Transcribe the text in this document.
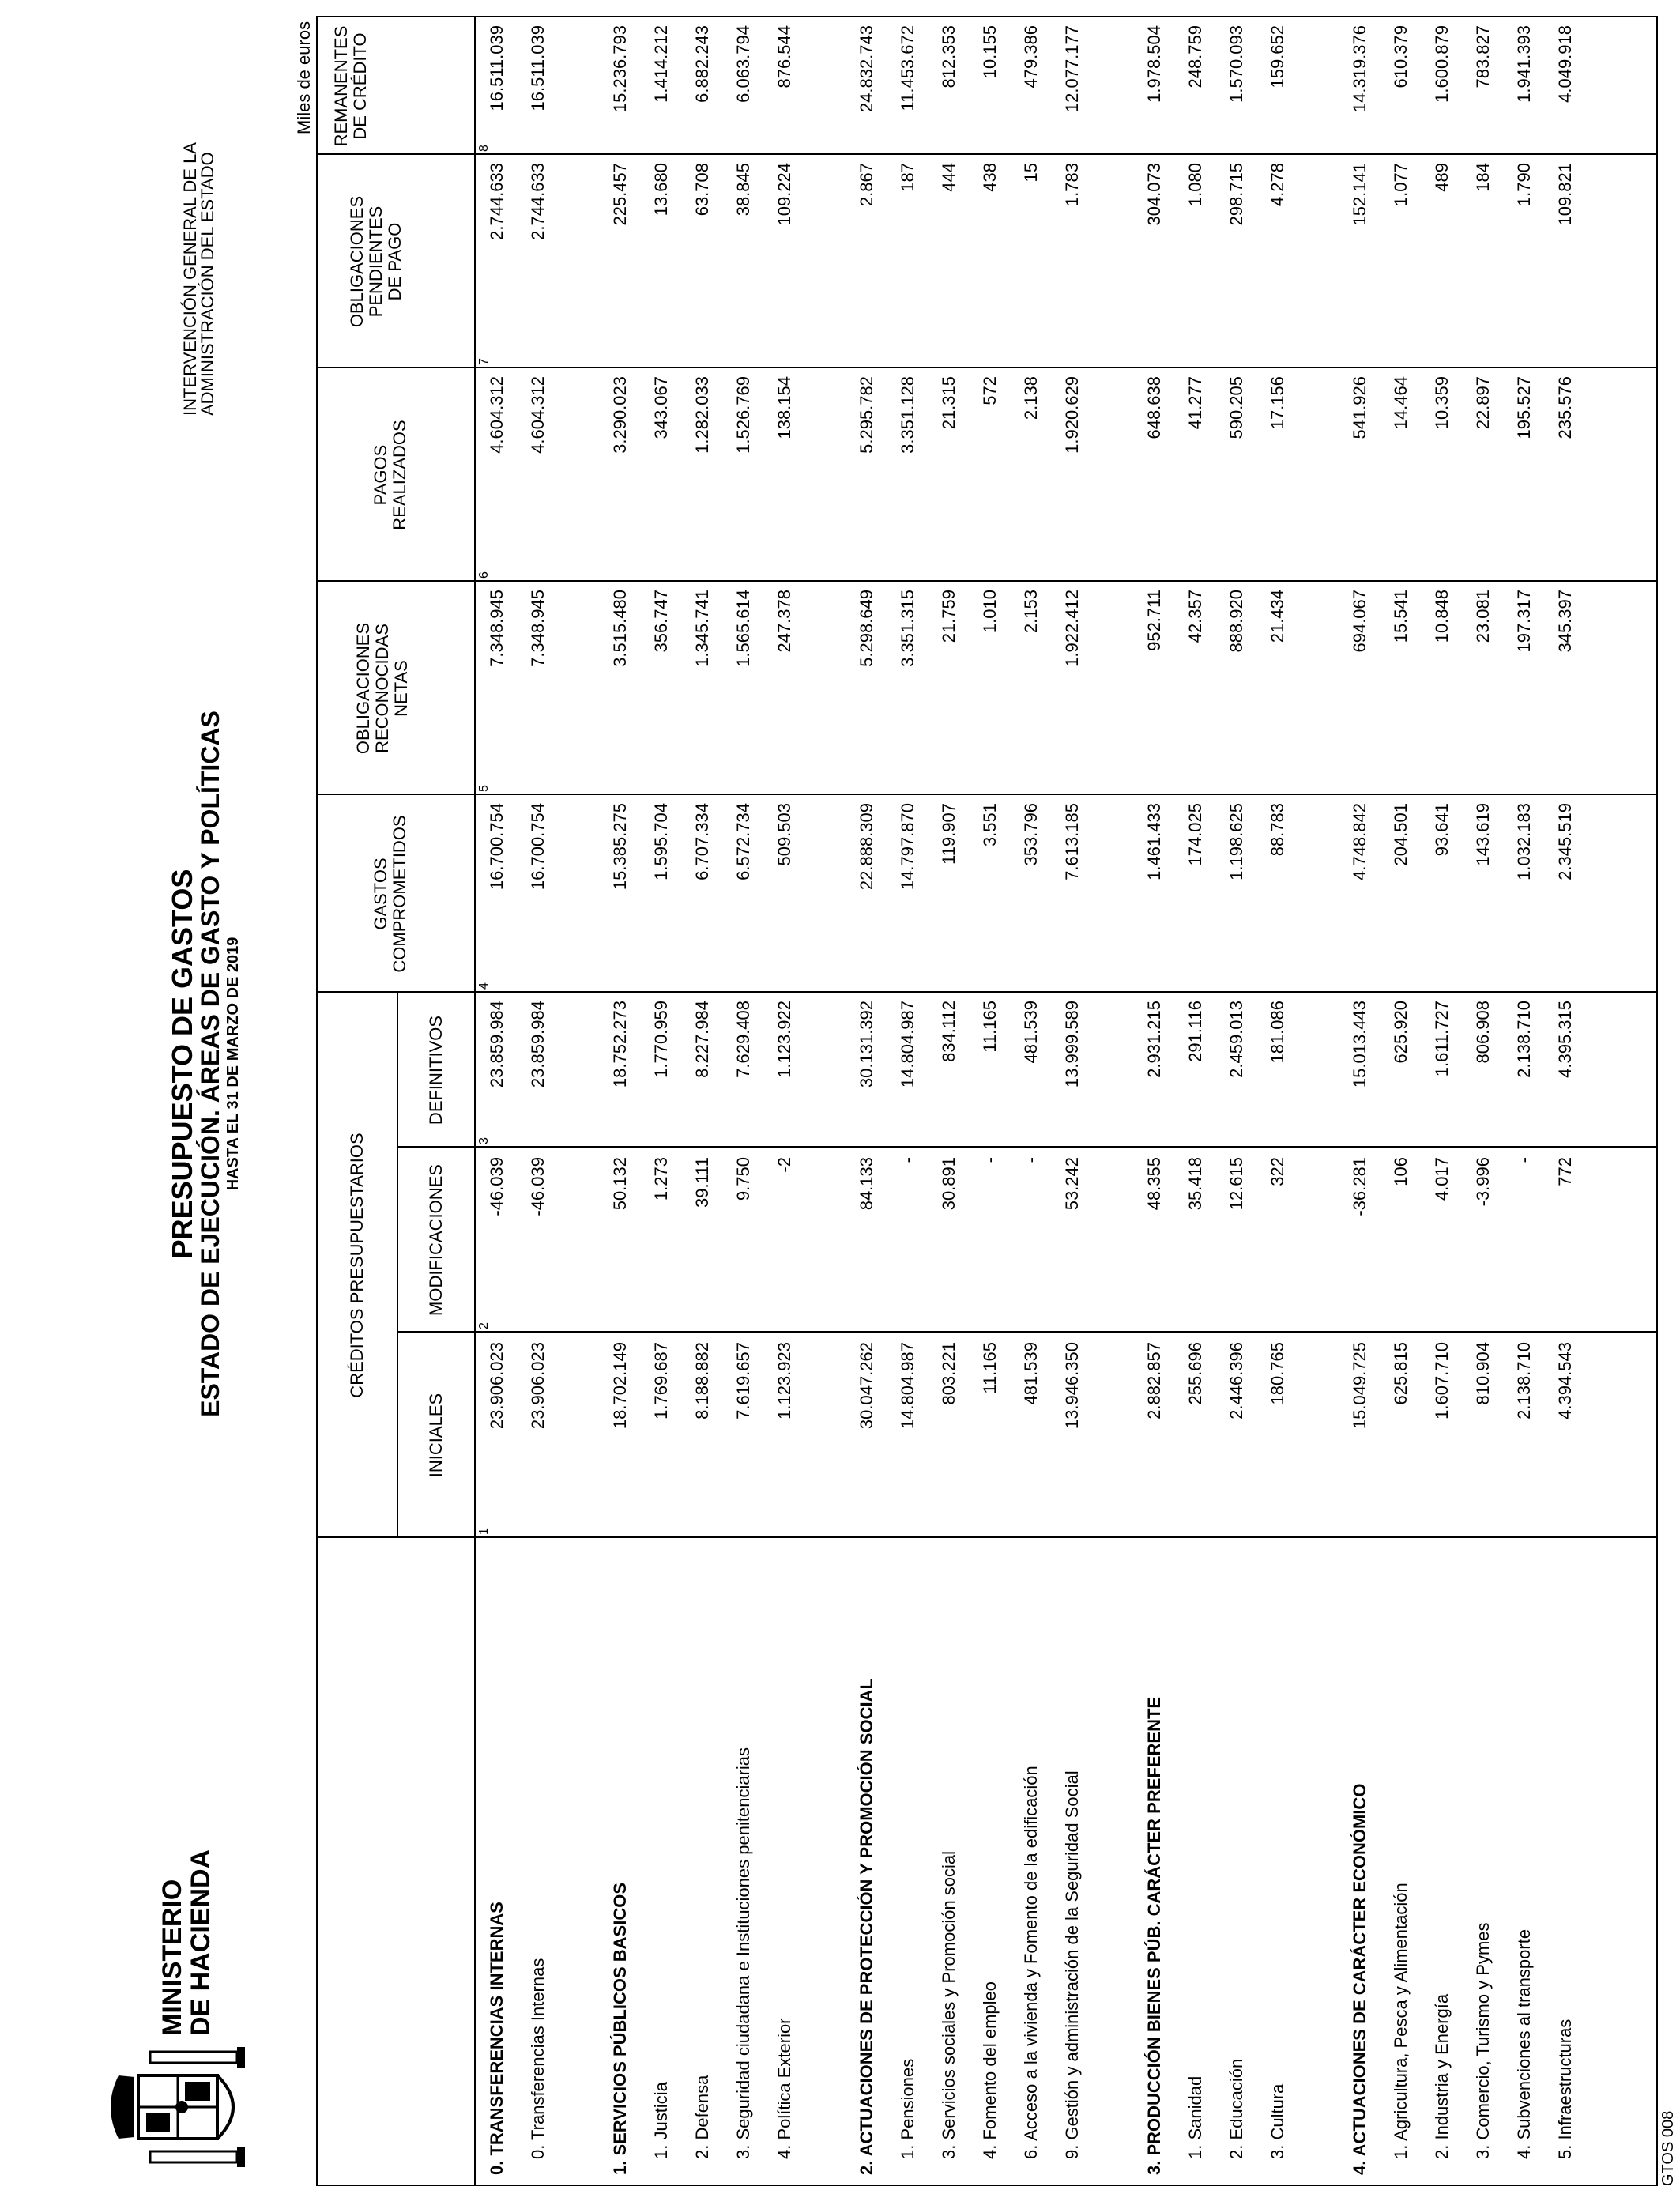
MINISTERIO
DE HACIENDA
PRESUPUESTO DE GASTOS
ESTADO DE EJECUCIÓN. ÁREAS DE GASTO Y POLÍTICAS HASTA EL 31 DE MARZO DE 2019
INTERVENCIÓN GENERAL DE LA
ADMINISTRACIÓN DEL ESTADO
Miles de euros
CRÉDITOS PRESUPUESTARIOS
INICIALES
MODIFICACIONES
DEFINITIVOS
GASTOS COMPROMETIDOS
OBLIGACIONES RECONOCIDAS NETAS
PAGOS REALIZADOS
OBLIGACIONES PENDIENTES DE PAGO
REMANENTES DE CRÉDITO
1
2
3
4
5
6
7
8
0. TRANSFERENCIAS INTERNAS
23.906.023
-46.039
23.859.984
16.700.754
7.348.945
4.604.312
2.744.633
16.511.039
0. Transferencias Internas
23.906.023
-46.039
23.859.984
16.700.754
7.348.945
4.604.312
2.744.633
16.511.039
1. SERVICIOS PÚBLICOS BASICOS
18.702.149
50.132
18.752.273
15.385.275
3.515.480
3.290.023
225.457
15.236.793
1. Justicia
1.769.687
1.273
1.770.959
1.595.704
356.747
343.067
13.680
1.414.212
2. Defensa
8.188.882
39.111
8.227.984
6.707.334
1.345.741
1.282.033
63.708
6.882.243
3. Seguridad ciudadana e Instituciones penitenciarias
7.619.657
9.750
7.629.408
6.572.734
1.565.614
1.526.769
38.845
6.063.794
4. Política Exterior
1.123.923
-2
1.123.922
509.503
247.378
138.154
109.224
876.544
2. ACTUACIONES DE PROTECCIÓN Y PROMOCIÓN SOCIAL
30.047.262
84.133
30.131.392
22.888.309
5.298.649
5.295.782
2.867
24.832.743
1. Pensiones
14.804.987
-
14.804.987
14.797.870
3.351.315
3.351.128
187
11.453.672
3. Servicios sociales y Promoción social
803.221
30.891
834.112
119.907
21.759
21.315
444
812.353
4. Fomento del empleo
11.165
-
11.165
3.551
1.010
572
438
10.155
6. Acceso a la vivienda y Fomento de la edificación
481.539
-
481.539
353.796
2.153
2.138
15
479.386
9. Gestión y administración de la Seguridad Social
13.946.350
53.242
13.999.589
7.613.185
1.922.412
1.920.629
1.783
12.077.177
3. PRODUCCIÓN BIENES PÚB. CARÁCTER PREFERENTE
2.882.857
48.355
2.931.215
1.461.433
952.711
648.638
304.073
1.978.504
1. Sanidad
255.696
35.418
291.116
174.025
42.357
41.277
1.080
248.759
2. Educación
2.446.396
12.615
2.459.013
1.198.625
888.920
590.205
298.715
1.570.093
3. Cultura
180.765
322
181.086
88.783
21.434
17.156
4.278
159.652
4. ACTUACIONES DE CARÁCTER ECONÓMICO
15.049.725
-36.281
15.013.443
4.748.842
694.067
541.926
152.141
14.319.376
1. Agricultura, Pesca y Alimentación
625.815
106
625.920
204.501
15.541
14.464
1.077
610.379
2. Industria y Energía
1.607.710
4.017
1.611.727
93.641
10.848
10.359
489
1.600.879
3. Comercio, Turismo y Pymes
810.904
-3.996
806.908
143.619
23.081
22.897
184
783.827
4. Subvenciones al transporte
2.138.710
-
2.138.710
1.032.183
197.317
195.527
1.790
1.941.393
5. Infraestructuras
4.394.543
772
4.395.315
2.345.519
345.397
235.576
109.821
4.049.918
GTOS 008
